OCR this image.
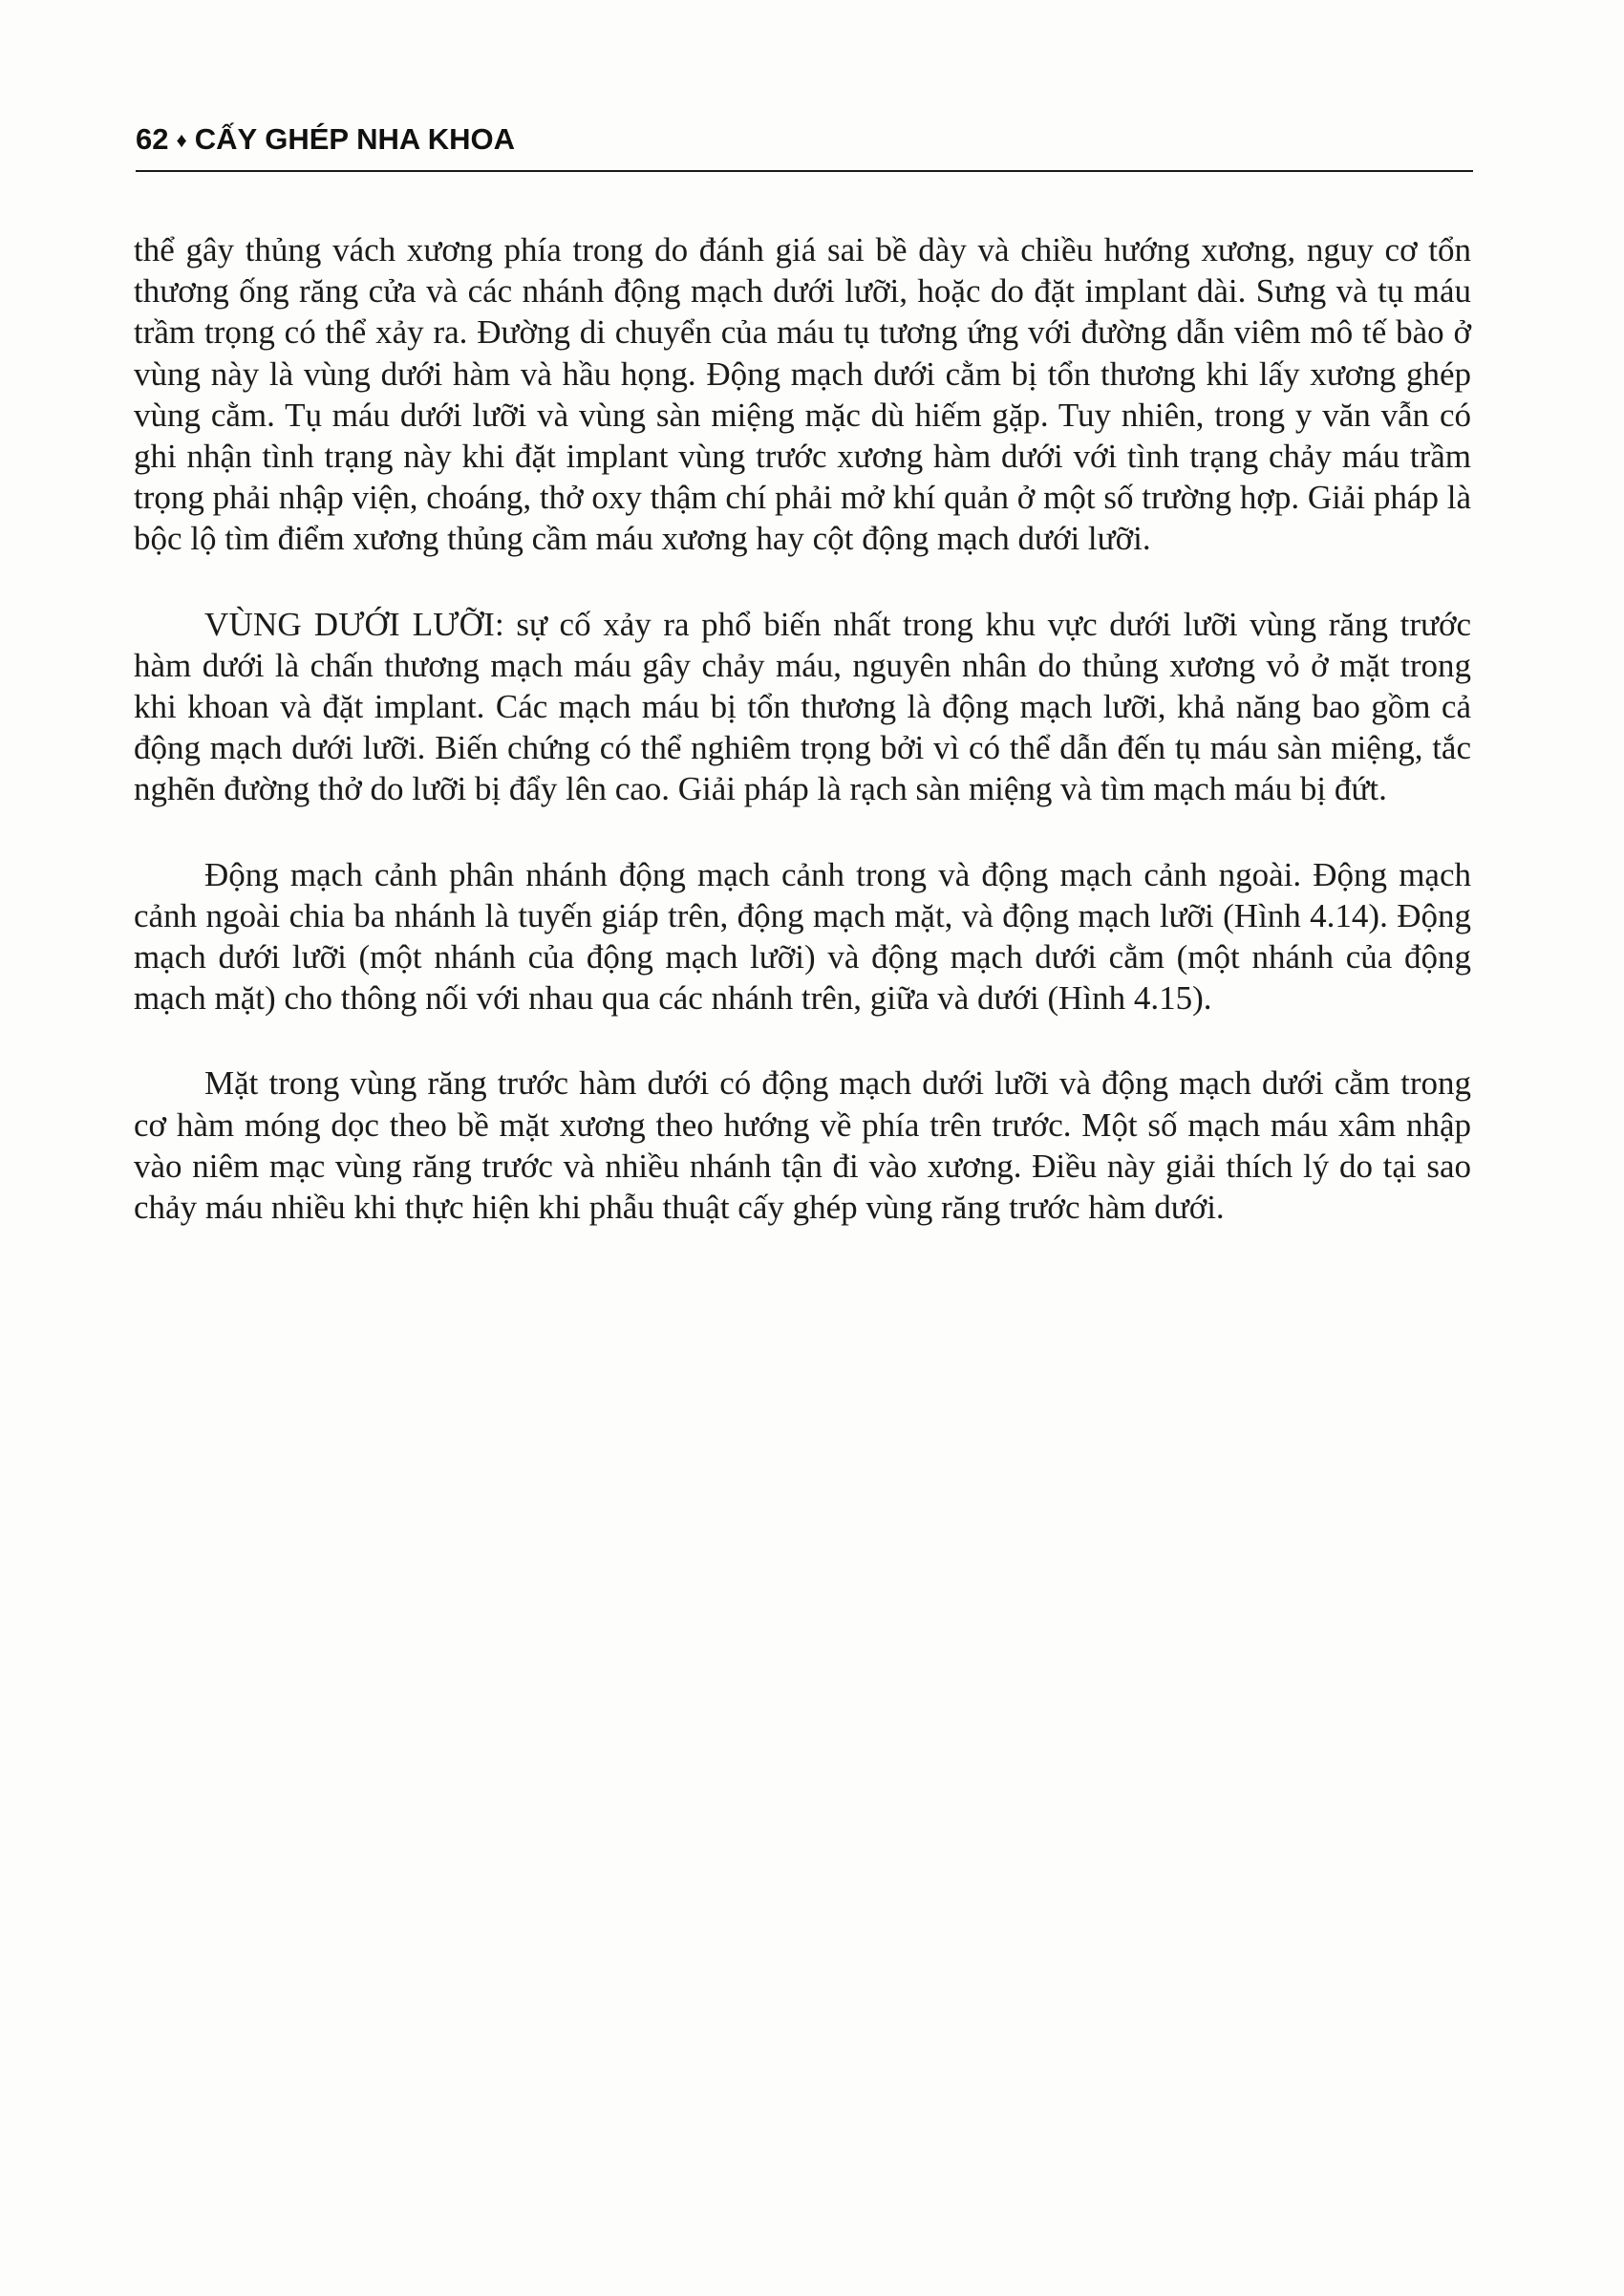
62 ♦ CẤY GHÉP NHA KHOA

thể gây thủng vách xương phía trong do đánh giá sai bề dày và chiều hướng xương, nguy cơ tổn thương ống răng cửa và các nhánh động mạch dưới lưỡi, hoặc do đặt implant dài. Sưng và tụ máu trầm trọng có thể xảy ra. Đường di chuyển của máu tụ tương ứng với đường dẫn viêm mô tế bào ở vùng này là vùng dưới hàm và hầu họng. Động mạch dưới cằm bị tổn thương khi lấy xương ghép vùng cằm. Tụ máu dưới lưỡi và vùng sàn miệng mặc dù hiếm gặp. Tuy nhiên, trong y văn vẫn có ghi nhận tình trạng này khi đặt implant vùng trước xương hàm dưới với tình trạng chảy máu trầm trọng phải nhập viện, choáng, thở oxy thậm chí phải mở khí quản ở một số trường hợp. Giải pháp là bộc lộ tìm điểm xương thủng cầm máu xương hay cột động mạch dưới lưỡi.

VÙNG DƯỚI LƯỠI: sự cố xảy ra phổ biến nhất trong khu vực dưới lưỡi vùng răng trước hàm dưới là chấn thương mạch máu gây chảy máu, nguyên nhân do thủng xương vỏ ở mặt trong khi khoan và đặt implant. Các mạch máu bị tổn thương là động mạch lưỡi, khả năng bao gồm cả động mạch dưới lưỡi. Biến chứng có thể nghiêm trọng bởi vì có thể dẫn đến tụ máu sàn miệng, tắc nghẽn đường thở do lưỡi bị đẩy lên cao. Giải pháp là rạch sàn miệng và tìm mạch máu bị đứt.

Động mạch cảnh phân nhánh động mạch cảnh trong và động mạch cảnh ngoài. Động mạch cảnh ngoài chia ba nhánh là tuyến giáp trên, động mạch mặt, và động mạch lưỡi (Hình 4.14). Động mạch dưới lưỡi (một nhánh của động mạch lưỡi) và động mạch dưới cằm (một nhánh của động mạch mặt) cho thông nối với nhau qua các nhánh trên, giữa và dưới (Hình 4.15).

Mặt trong vùng răng trước hàm dưới có động mạch dưới lưỡi và động mạch dưới cằm trong cơ hàm móng dọc theo bề mặt xương theo hướng về phía trên trước. Một số mạch máu xâm nhập vào niêm mạc vùng răng trước và nhiều nhánh tận đi vào xương. Điều này giải thích lý do tại sao chảy máu nhiều khi thực hiện khi phẫu thuật cấy ghép vùng răng trước hàm dưới.
